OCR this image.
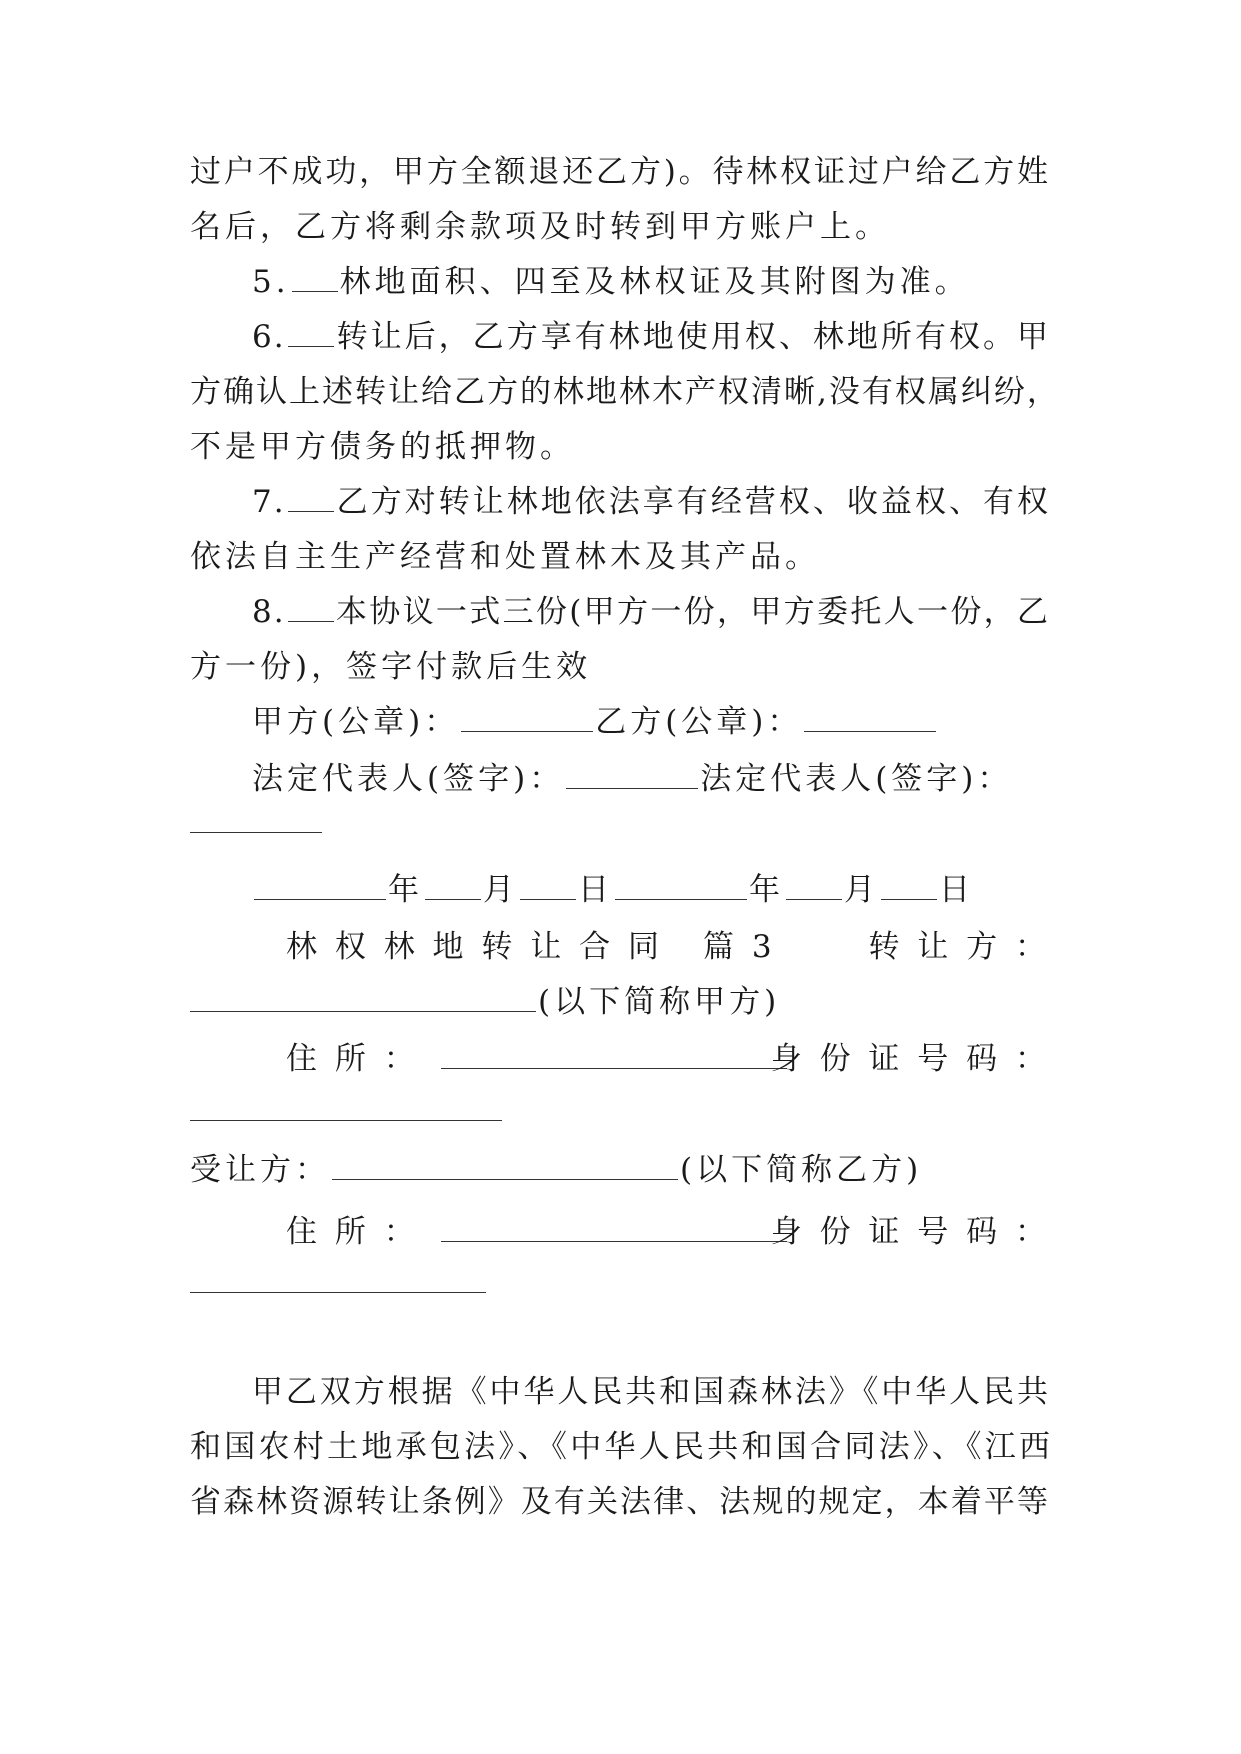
过户不成功，甲方全额退还乙方)。待林权证过户给乙方姓
名后，乙方将剩余款项及时转到甲方账户上。
5. 林地面积、四至及林权证及其附图为准。
6. 转让后，乙方享有林地使用权、林地所有权。甲
方确认上述转让给乙方的林地林木产权清晰,没有权属纠纷，
不是甲方债务的抵押物。
7. 乙方对转让林地依法享有经营权、收益权、有权
依法自主生产经营和处置林木及其产品。
8. 本协议一式三份(甲方一份，甲方委托人一份，乙
方一份)，签字付款后生效
甲方(公章)：	乙方(公章)：
法定代表人(签字)：	法定代表人(签字)：
年 月 日	年 月 日
林 权 林 地 转 让 合 同 篇 3	转 让 方 ：
(以下简称甲方)
住 所 ：	身 份 证 号 码 ：
受让方：	(以下简称乙方)
住 所 ：	身 份 证 号 码 ：
甲乙双方根据《中华人民共和国森林法》《中华人民共
和国农村土地承包法》、《中华人民共和国合同法》、《江西
省森林资源转让条例》及有关法律、法规的规定，本着平等
